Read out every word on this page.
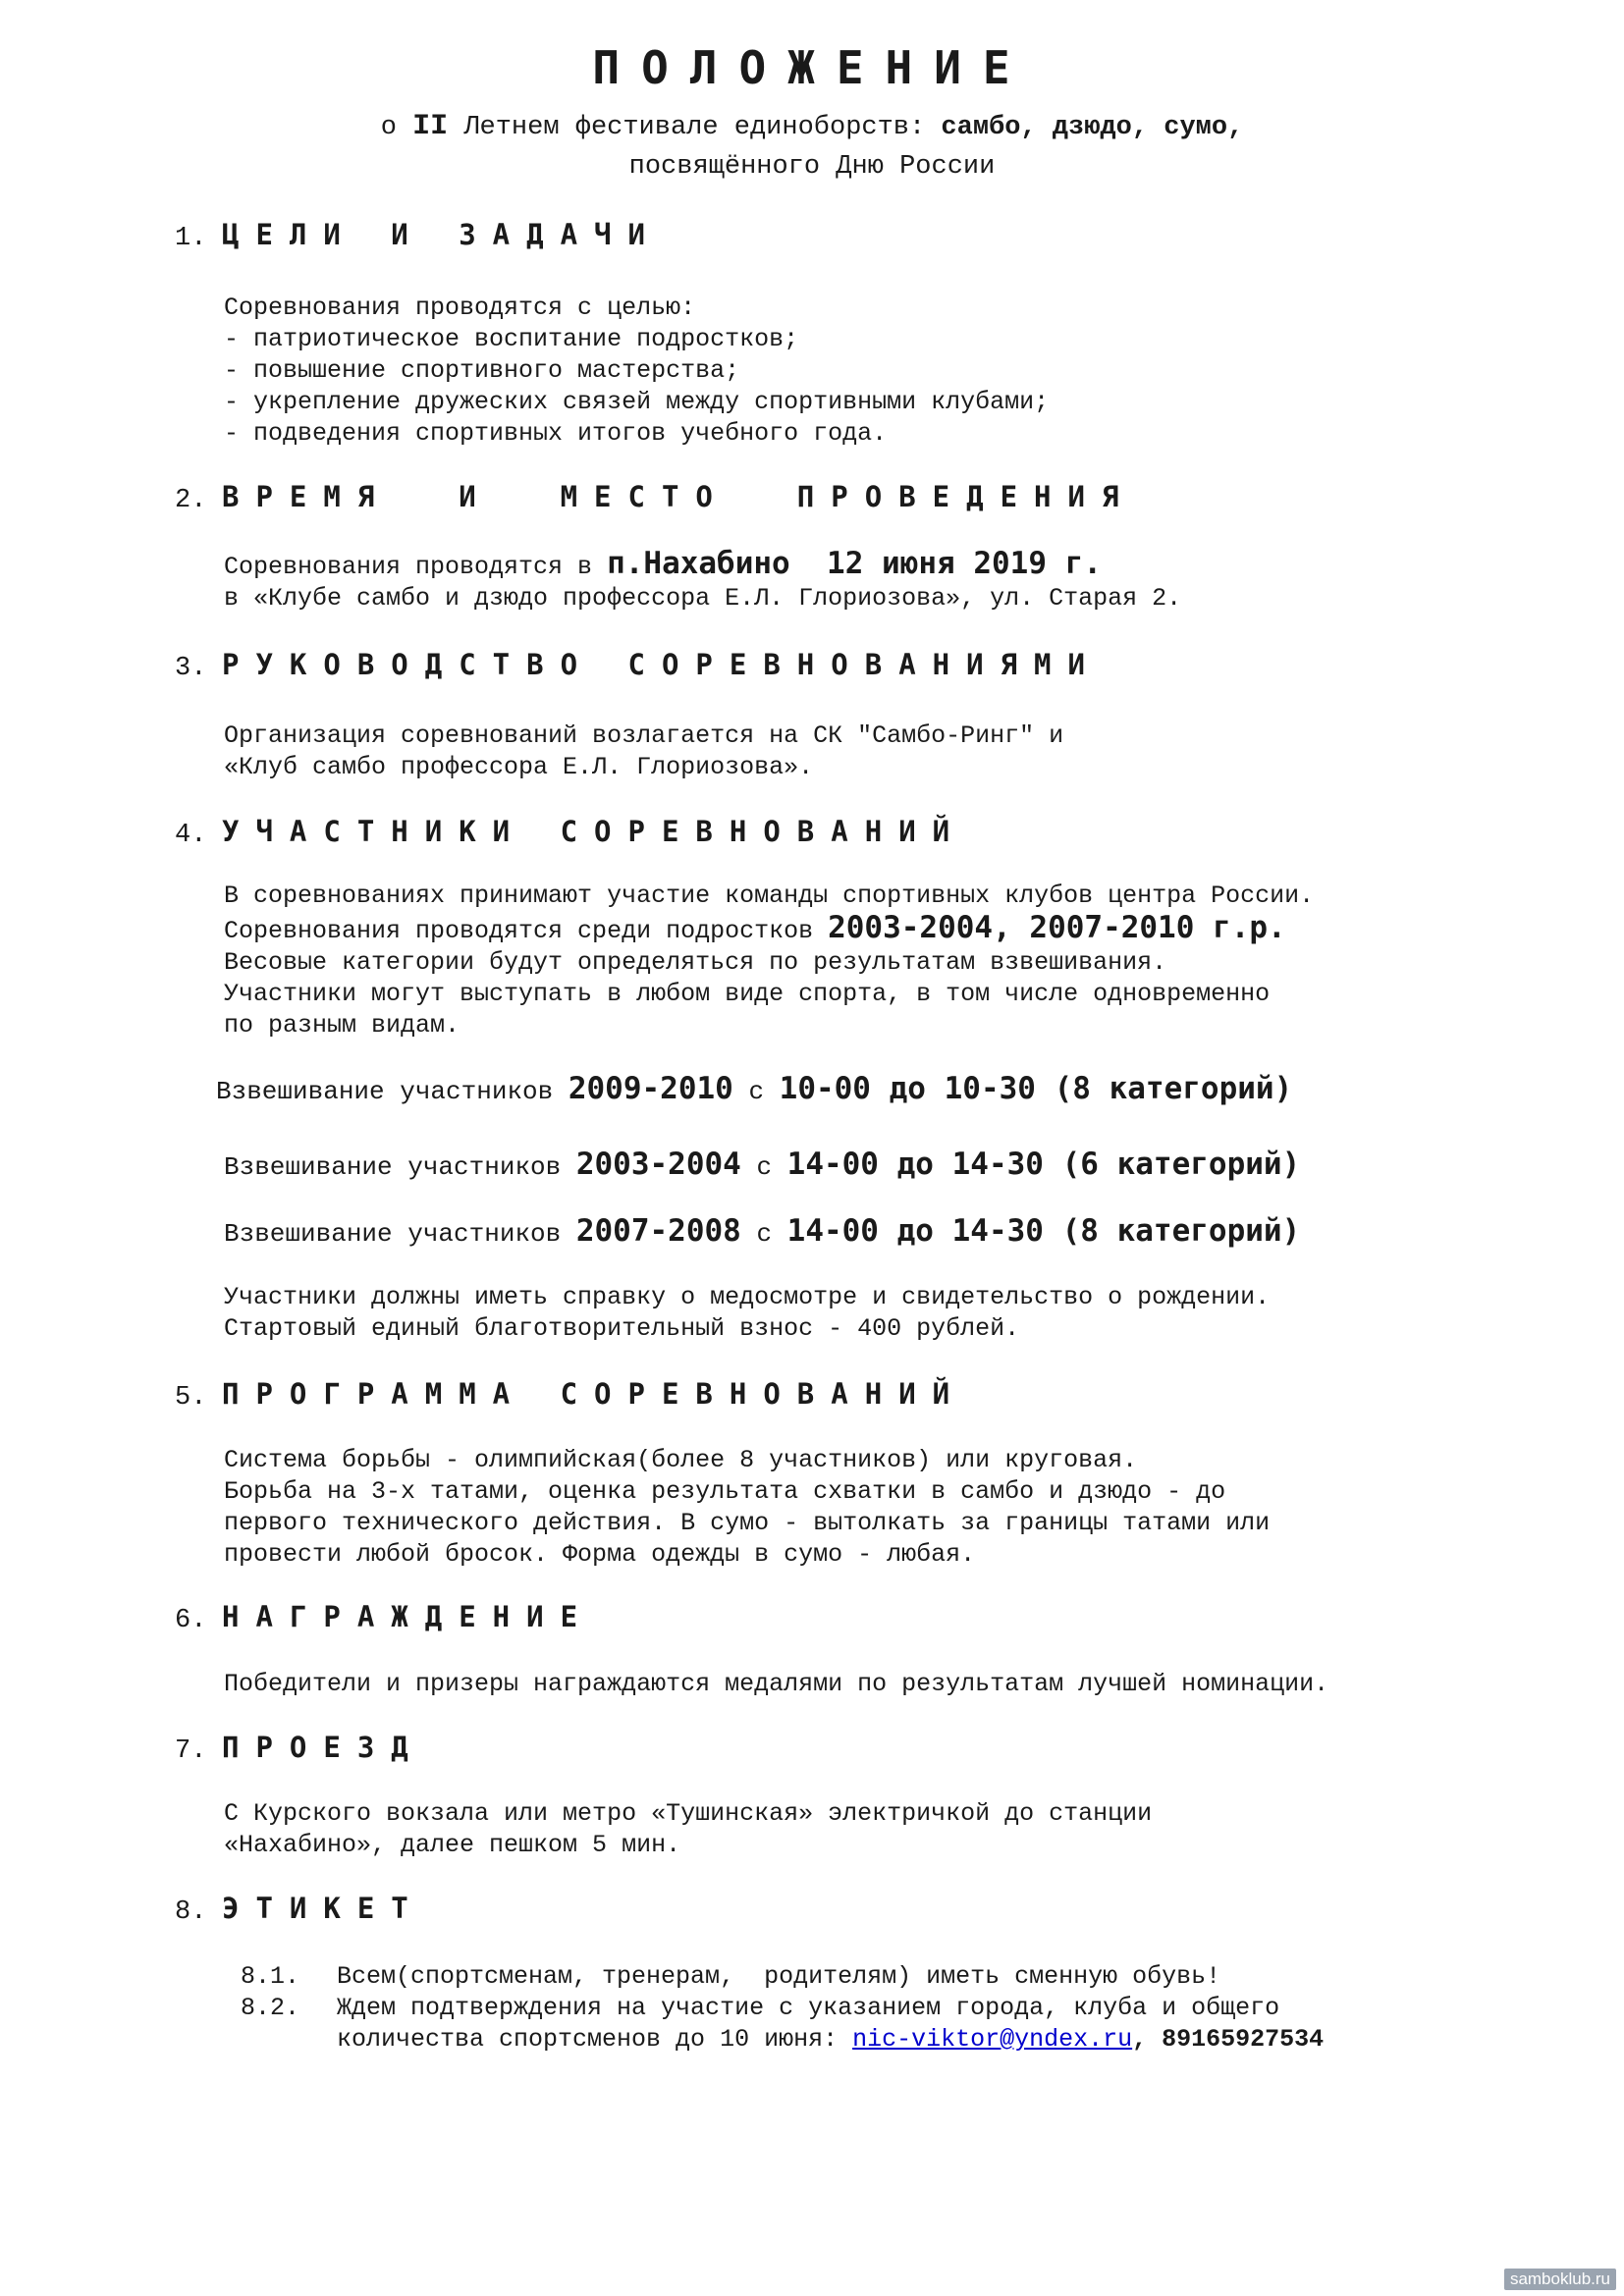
ПОЛОЖЕНИЕ
о II Летнем фестивале единоборств: самбо, дзюдо, сумо,
посвящённого Дню России
1. ЦЕЛИ И ЗАДАЧИ
Соревнования проводятся с целью:
- патриотическое воспитание подростков;
- повышение спортивного мастерства;
- укрепление дружеских связей между спортивными клубами;
- подведения спортивных итогов учебного года.
2. ВРЕМЯ  И  МЕСТО  ПРОВЕДЕНИЯ
Соревнования проводятся в п.Нахабино  12 июня 2019 г.
в «Клубе самбо и дзюдо профессора Е.Л. Глориозова», ул. Старая 2.
3. РУКОВОДСТВО СОРЕВНОВАНИЯМИ
Организация соревнований возлагается на СК "Самбо-Ринг" и
«Клуб самбо профессора Е.Л. Глориозова».
4. УЧАСТНИКИ СОРЕВНОВАНИЙ
В соревнованиях принимают участие команды спортивных клубов центра России.
Соревнования проводятся среди подростков 2003-2004, 2007-2010 г.р.
Весовые категории будут определяться по результатам взвешивания.
Участники могут выступать в любом виде спорта, в том числе одновременно
по разным видам.
Взвешивание участников 2009-2010 с 10-00 до 10-30 (8 категорий)
Взвешивание участников 2003-2004 с 14-00 до 14-30 (6 категорий)
Взвешивание участников 2007-2008 с 14-00 до 14-30 (8 категорий)
Участники должны иметь справку о медосмотре и свидетельство о рождении.
Стартовый единый благотворительный взнос - 400 рублей.
5. ПРОГРАММА СОРЕВНОВАНИЙ
Система борьбы - олимпийская(более 8 участников) или круговая.
Борьба на 3-х татами, оценка результата схватки в самбо и дзюдо - до
первого технического действия. В сумо - вытолкать за границы татами или
провести любой бросок. Форма одежды в сумо - любая.
6. НАГРАЖДЕНИЕ
Победители и призеры награждаются медалями по результатам лучшей номинации.
7. ПРОЕЗД
С Курского вокзала или метро «Тушинская» электричкой до станции
«Нахабино», далее пешком 5 мин.
8. ЭТИКЕТ
8.1. Всем(спортсменам, тренерам,  родителям) иметь сменную обувь!
8.2. Ждем подтверждения на участие с указанием города, клуба и общего
количества спортсменов до 10 июня: nic-viktor@yndex.ru, 89165927534
samboklub.ru
